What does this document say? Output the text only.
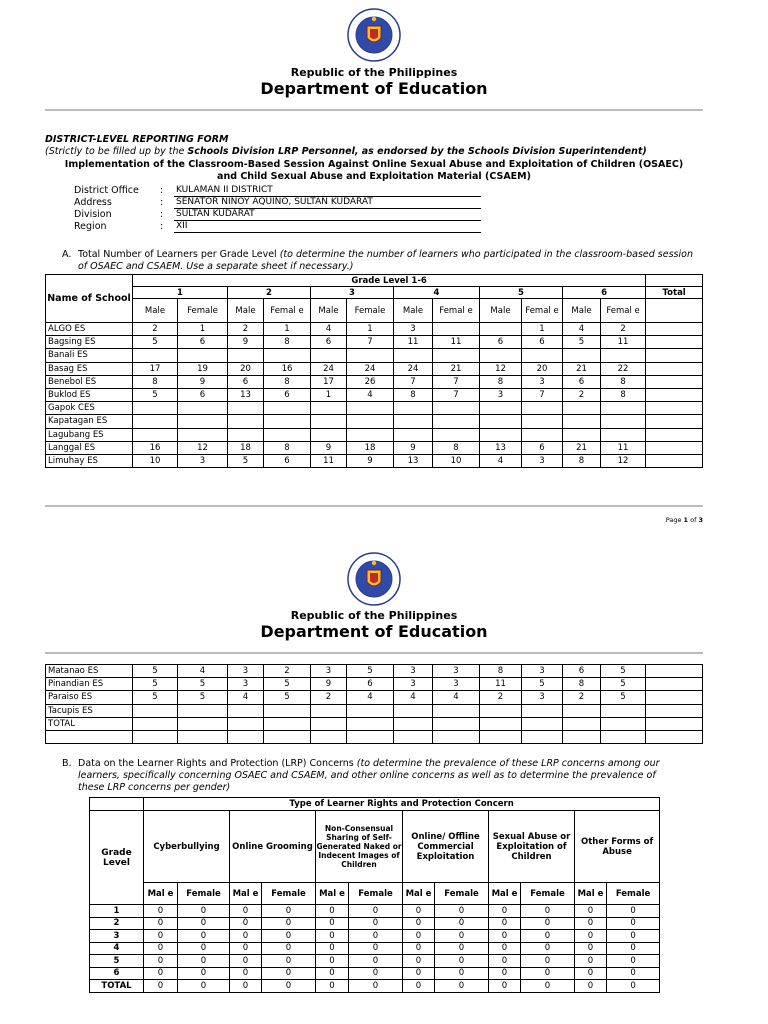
Republic of the Philippines
Department of Education
DISTRICT-LEVEL REPORTING FORM
(Strictly to be filled up by the Schools Division LRP Personnel, as endorsed by the Schools Division Superintendent)
Implementation of the Classroom-Based Session Against Online Sexual Abuse and Exploitation of Children (OSAEC)
and Child Sexual Abuse and Exploitation Material (CSAEM)
District Office	:	KULAMAN II DISTRICT
Address	:	SENATOR NINOY AQUINO, SULTAN KUDARAT
Division	:	SULTAN KUDARAT
Region	:	XII
A. Total Number of Learners per Grade Level (to determine the number of learners who participated in the classroom-based session
of OSAEC and CSAEM. Use a separate sheet if necessary.)
Name of School	Grade Level 1-6												
	1		2		3		4		5		6		Total
	Male	Female	Male	Femal e	Male	Female	Male	Femal e	Male	Femal e	Male	Femal e	
ALGO ES	2	1	2	1	4	1	3			1	4	2	
Bagsing ES	5	6	9	8	6	7	11	11	6	6	5	11	
Banali ES													
Basag ES	17	19	20	16	24	24	24	21	12	20	21	22	
Benebol ES	8	9	6	8	17	26	7	7	8	3	6	8	
Buklod ES	5	6	13	6	1	4	8	7	3	7	2	8	
Gapok CES													
Kapatagan ES													
Lagubang ES													
Langgal ES	16	12	18	8	9	18	9	8	13	6	21	11	
Limuhay ES	10	3	5	6	11	9	13	10	4	3	8	12	
Page 1 of 3
Republic of the Philippines
Department of Education
Matanao ES	5	4	3	2	3	5	3	3	8	3	6	5	
Pinandian ES	5	5	3	5	9	6	3	3	11	5	8	5	
Paraiso ES	5	5	4	5	2	4	4	4	2	3	2	5	
Tacupis ES													
TOTAL													

B. Data on the Learner Rights and Protection (LRP) Concerns (to determine the prevalence of these LRP concerns among our
learners, specifically concerning OSAEC and CSAEM, and other online concerns as well as to determine the prevalence of
these LRP concerns per gender)
	Type of Learner Rights and Protection Concern											
Grade Level	Cyberbullying		Online Grooming		Non-Consensual Sharing of Self-Generated Naked or Indecent Images of Children		Online/ Offline Commercial Exploitation		Sexual Abuse or Exploitation of Children		Other Forms of Abuse	
	Mal e	Female	Mal e	Female	Mal e	Female	Mal e	Female	Mal e	Female	Mal e	Female
1	0	0	0	0	0	0	0	0	0	0	0	0
2	0	0	0	0	0	0	0	0	0	0	0	0
3	0	0	0	0	0	0	0	0	0	0	0	0
4	0	0	0	0	0	0	0	0	0	0	0	0
5	0	0	0	0	0	0	0	0	0	0	0	0
6	0	0	0	0	0	0	0	0	0	0	0	0
TOTAL	0	0	0	0	0	0	0	0	0	0	0	0
